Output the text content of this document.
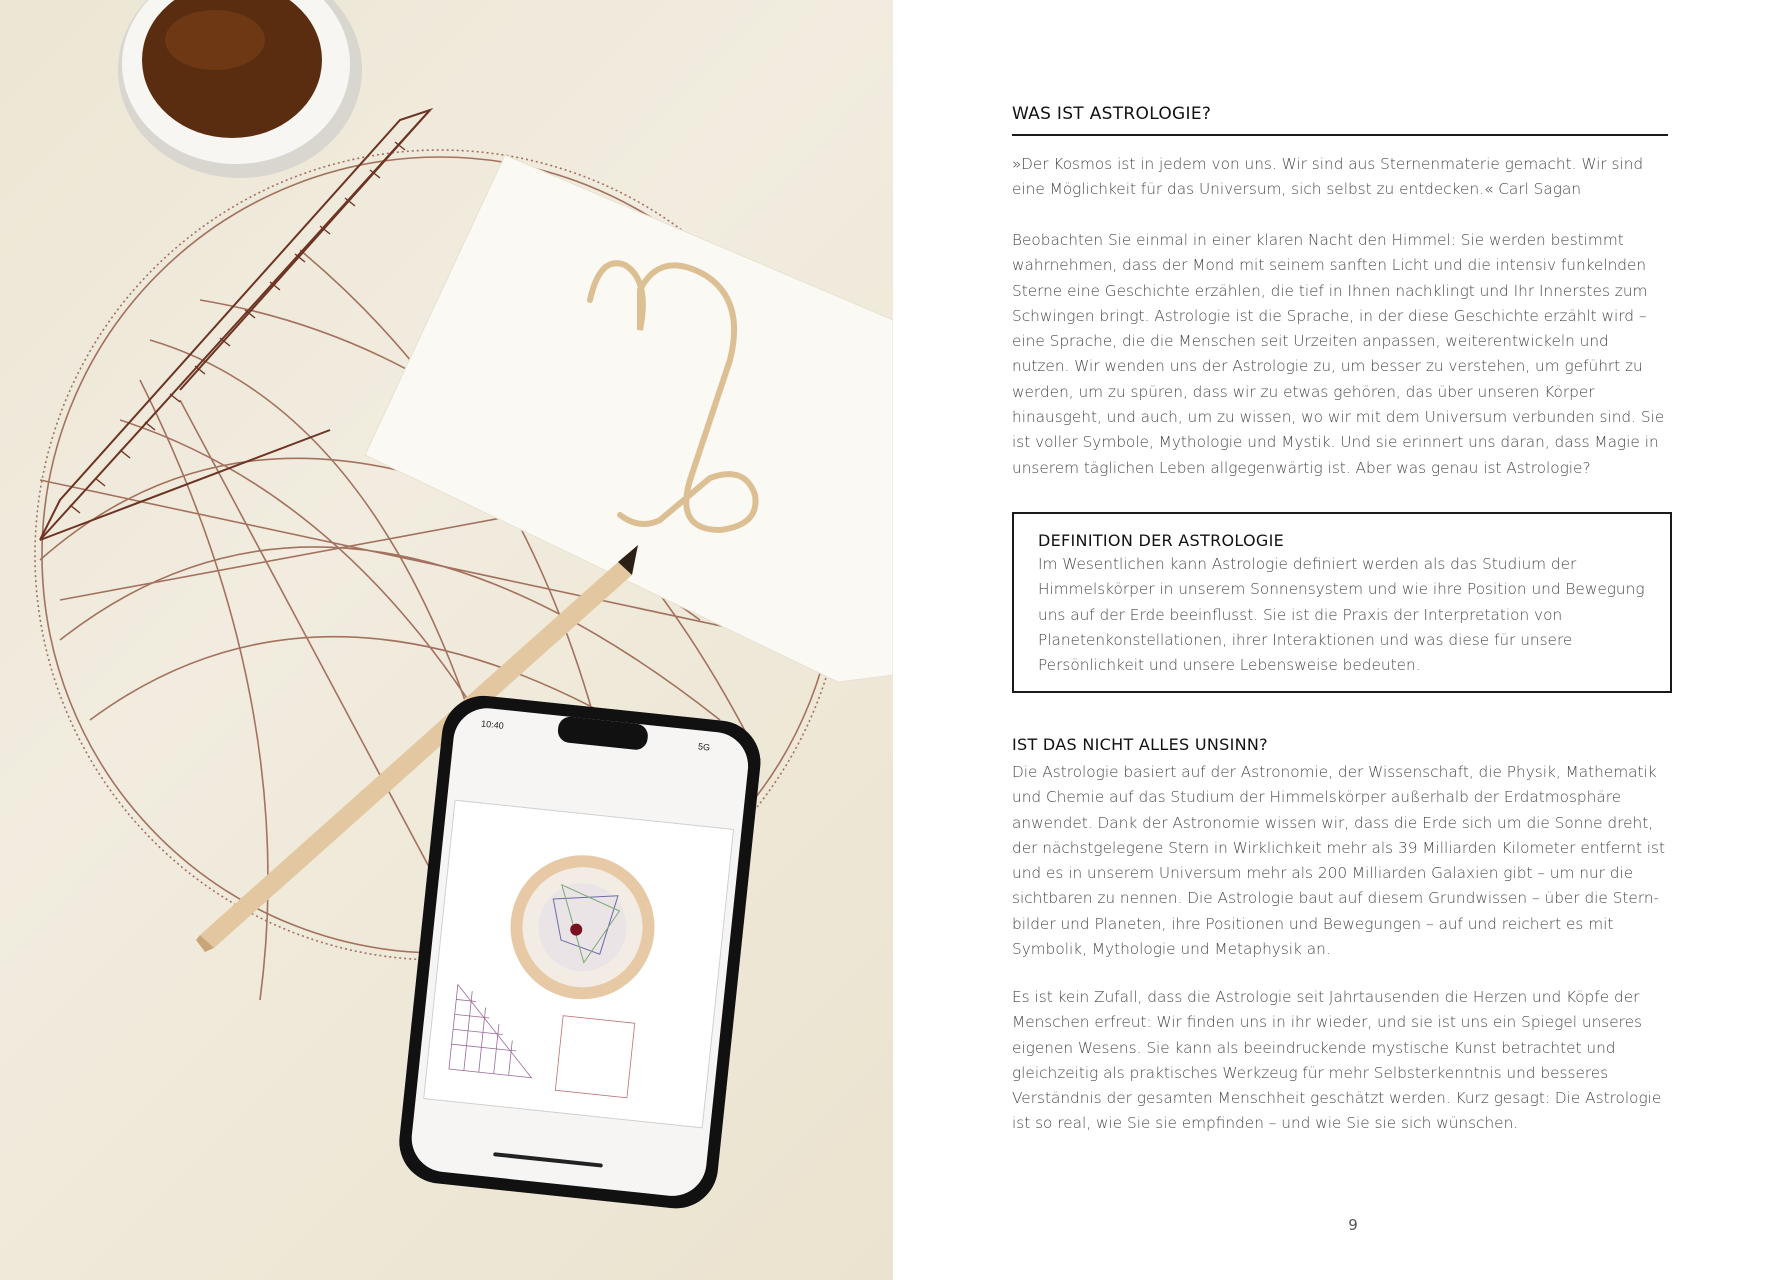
10:40
5G
WAS IST ASTROLOGIE?

»Der Kosmos ist in jedem von uns. Wir sind aus Sternenmaterie gemacht. Wir sind eine Möglichkeit für das Universum, sich selbst zu entdecken.« Carl Sagan

Beobachten Sie einmal in einer klaren Nacht den Himmel: Sie werden bestimmt wahrnehmen, dass der Mond mit seinem sanften Licht und die intensiv funkelnden Sterne eine Geschichte erzählen, die tief in Ihnen nachklingt und Ihr Innerstes zum Schwingen bringt. Astrologie ist die Sprache, in der diese Geschichte erzählt wird – eine Sprache, die die Menschen seit Urzeiten anpassen, weiterentwickeln und nutzen. Wir wenden uns der Astrologie zu, um besser zu verstehen, um geführt zu werden, um zu spüren, dass wir zu etwas gehören, das über unseren Körper hinausgeht, und auch, um zu wissen, wo wir mit dem Universum verbunden sind. Sie ist voller Symbole, Mythologie und Mystik. Und sie erinnert uns daran, dass Magie in unserem täglichen Leben allgegenwärtig ist. Aber was genau ist Astrologie?

DEFINITION DER ASTROLOGIE

Im Wesentlichen kann Astrologie definiert werden als das Studium der Himmelskörper in unserem Sonnensystem und wie ihre Position und Bewegung uns auf der Erde beeinflusst. Sie ist die Praxis der Interpretation von Planetenkonstellationen, ihrer Interaktionen und was diese für unsere Persönlichkeit und unsere Lebensweise bedeuten.

IST DAS NICHT ALLES UNSINN?

Die Astrologie basiert auf der Astronomie, der Wissenschaft, die Physik, Mathematik und Chemie auf das Studium der Himmelskörper außerhalb der Erdatmosphäre anwendet. Dank der Astronomie wissen wir, dass die Erde sich um die Sonne dreht, der nächstgelegene Stern in Wirklichkeit mehr als 39 Milliarden Kilometer entfernt ist und es in unserem Universum mehr als 200 Milliarden Galaxien gibt – um nur die sichtbaren zu nennen. Die Astrologie baut auf diesem Grundwissen – über die Sternbilder und Planeten, ihre Positionen und Bewegungen – auf und reichert es mit Symbolik, Mythologie und Metaphysik an.

Es ist kein Zufall, dass die Astrologie seit Jahrtausenden die Herzen und Köpfe der Menschen erfreut: Wir finden uns in ihr wieder, und sie ist uns ein Spiegel unseres eigenen Wesens. Sie kann als beeindruckende mystische Kunst betrachtet und gleichzeitig als praktisches Werkzeug für mehr Selbsterkenntnis und besseres Verständnis der gesamten Menschheit geschätzt werden. Kurz gesagt: Die Astrologie ist so real, wie Sie sie empfinden – und wie Sie sie sich wünschen.

9
